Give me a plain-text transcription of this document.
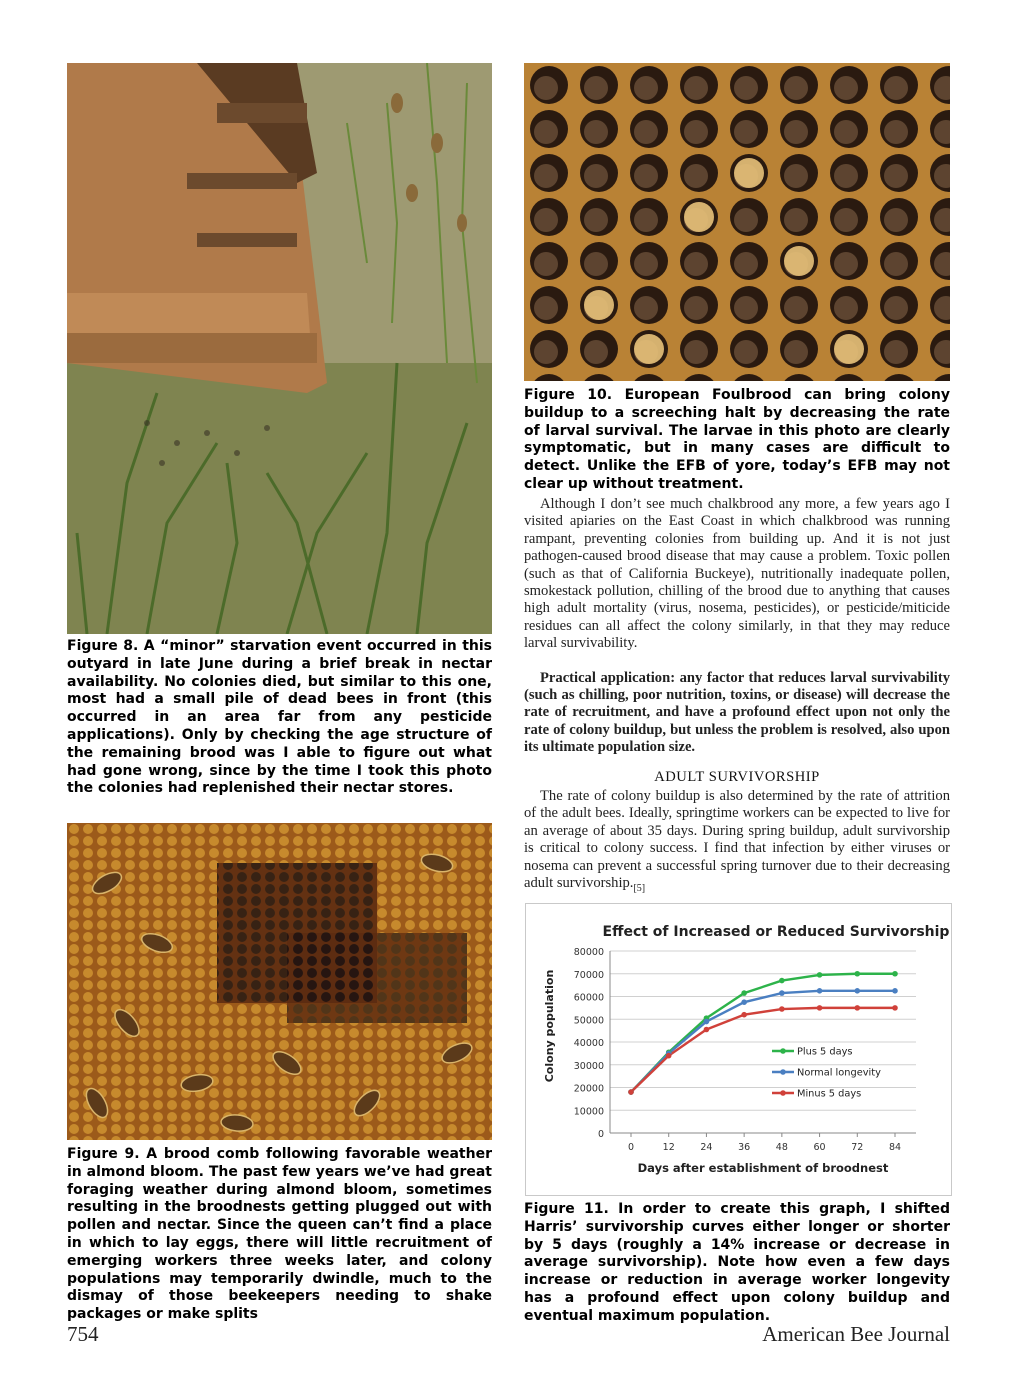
Figure 8. A “minor” starvation event occurred in this outyard in late June during a brief break in nectar availability. No colonies died, but similar to this one, most had a small pile of dead bees in front (this occurred in an area far from any pesticide applications). Only by checking the age structure of the remaining brood was I able to figure out what had gone wrong, since by the time I took this photo the colonies had replenished their nectar stores.
Figure 9. A brood comb following favorable weather in almond bloom. The past few years we’ve had great foraging weather during almond bloom, sometimes resulting in the broodnests getting plugged out with pollen and nectar. Since the queen can’t find a place in which to lay eggs, there will little recruitment of emerging workers three weeks later, and colony populations may temporarily dwindle, much to the dismay of those beekeepers needing to shake packages or make splits
Figure 10. European Foulbrood can bring colony buildup to a screeching halt by decreasing the rate of larval survival. The larvae in this photo are clearly symptomatic, but in many cases are difficult to detect. Unlike the EFB of yore, today’s EFB may not clear up without treatment.

Although I don’t see much chalkbrood any more, a few years ago I visited apiaries on the East Coast in which chalkbrood was running rampant, preventing colonies from building up. And it is not just pathogen-caused brood disease that may cause a problem. Toxic pollen (such as that of California Buckeye), nutritionally inadequate pollen, smokestack pollution, chilling of the brood due to anything that causes high adult mortality (virus, nosema, pesticides), or pesticide/miticide residues can all affect the colony similarly, in that they may reduce larval survivability.

Practical application: any factor that reduces larval survivability (such as chilling, poor nutrition, toxins, or disease) will decrease the rate of recruitment, and have a profound effect upon not only the rate of colony buildup, but unless the problem is resolved, also upon its ultimate population size.

ADULT SURVIVORSHIP

The rate of colony buildup is also determined by the rate of attrition of the adult bees. Ideally, springtime workers can be expected to live for an average of about 35 days. During spring buildup, adult survivorship is critical to colony success. I find that infection by either viruses or nosema can prevent a successful spring turnover due to their decreasing adult $survivorship._{[5]}$

Effect of Increased or Reduced Survivorship
Colony population
Days after establishment of broodnest
0
10000
20000
30000
40000
50000
60000
70000
80000
0	12	24	36	48	60	72	84
Plus 5 days
Normal longevity
Minus 5 days
Figure 11. In order to create this graph, I shifted Harris’ survivorship curves either longer or shorter by 5 days (roughly a 14% increase or decrease in average survivorship). Note how even a few days increase or reduction in average worker longevity has a profound effect upon colony buildup and eventual maximum population.
754	American Bee Journal
